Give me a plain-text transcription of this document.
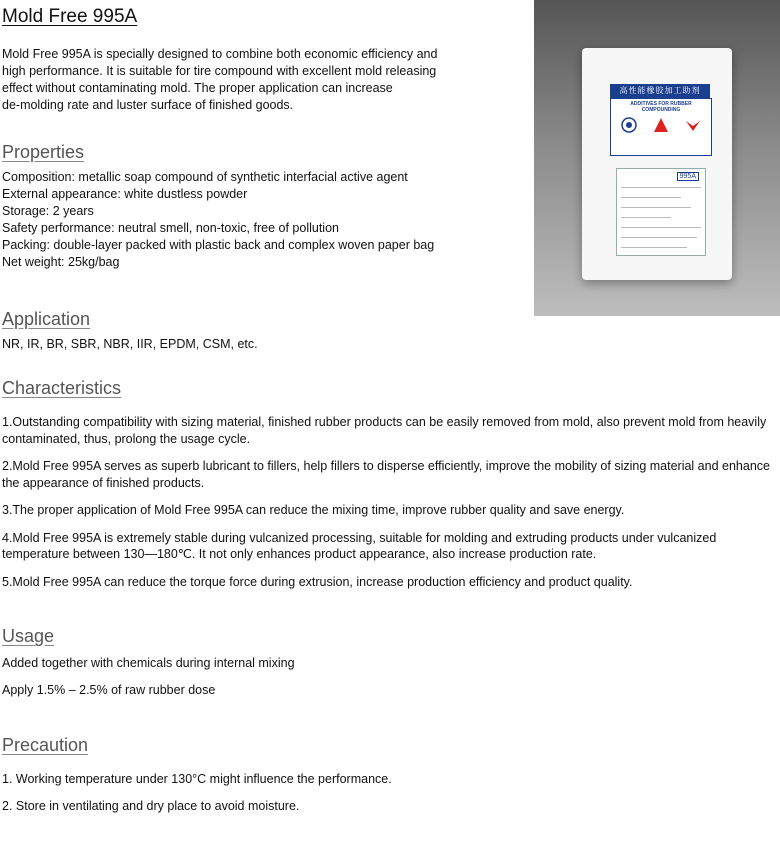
Mold Free 995A
Mold Free 995A is specially designed to combine both economic efficiency and
high performance. It is suitable for tire compound with excellent mold releasing
effect without contaminating mold. The proper application can increase
de-molding rate and luster surface of finished goods.
高性能橡胶加工助剂
ADDITIVES FOR RUBBER COMPOUNDING
995A
Properties
Composition: metallic soap compound of synthetic interfacial active agent
External appearance: white dustless powder
Storage: 2 years
Safety performance: neutral smell, non-toxic, free of pollution
Packing: double-layer packed with plastic back and complex woven paper bag
Net weight: 25kg/bag
Application

NR, IR, BR, SBR, NBR, IIR, EPDM, CSM, etc.

Characteristics
1.Outstanding compatibility with sizing material, finished rubber products can be easily removed from mold, also prevent mold from heavily contaminated, thus, prolong the usage cycle.
2.Mold Free 995A serves as superb lubricant to fillers, help fillers to disperse efficiently, improve the mobility of sizing material and enhance the appearance of finished products.
3.The proper application of Mold Free 995A can reduce the mixing time, improve rubber quality and save energy.
4.Mold Free 995A is extremely stable during vulcanized processing, suitable for molding and extruding products under vulcanized temperature between 130—180℃. It not only enhances product appearance, also increase production rate.
5.Mold Free 995A can reduce the torque force during extrusion, increase production efficiency and product quality.
Usage
Added together with chemicals during internal mixing
Apply 1.5% – 2.5% of raw rubber dose
Precaution
1. Working temperature under 130°C might influence the performance.
2. Store in ventilating and dry place to avoid moisture.
